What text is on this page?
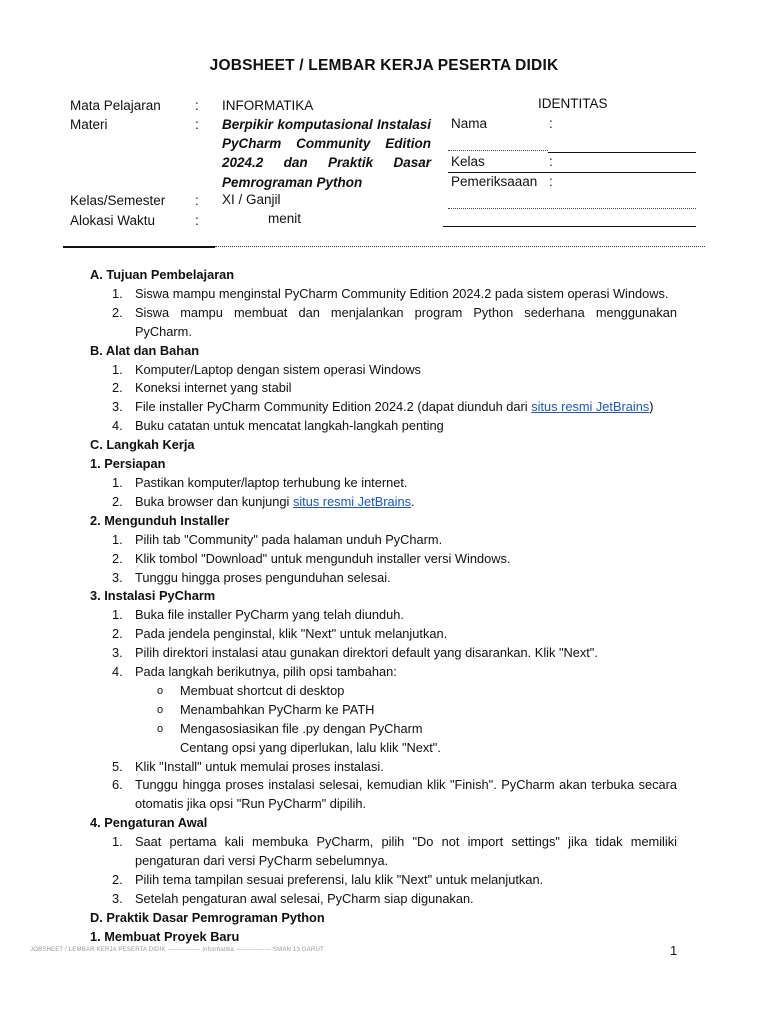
JOBSHEET / LEMBAR KERJA PESERTA DIDIK
Mata Pelajaran	: INFORMATIKA
Materi	: Berpikir komputasional Instalasi PyCharm Community Edition 2024.2 dan Praktik Dasar Pemrograman Python
Kelas/Semester : XI / Ganjil
Alokasi Waktu	:	menit
IDENTITAS
Nama	:
Kelas	:
Pemeriksaaan :
A. Tujuan Pembelajaran
1. Siswa mampu menginstal PyCharm Community Edition 2024.2 pada sistem operasi Windows.
2. Siswa mampu membuat dan menjalankan program Python sederhana menggunakan PyCharm.
B. Alat dan Bahan
1. Komputer/Laptop dengan sistem operasi Windows
2. Koneksi internet yang stabil
3. File installer PyCharm Community Edition 2024.2 (dapat diunduh dari situs resmi JetBrains)
4. Buku catatan untuk mencatat langkah-langkah penting
C. Langkah Kerja
1. Persiapan
1. Pastikan komputer/laptop terhubung ke internet.
2. Buka browser dan kunjungi situs resmi JetBrains.
2. Mengunduh Installer
1. Pilih tab "Community" pada halaman unduh PyCharm.
2. Klik tombol "Download" untuk mengunduh installer versi Windows.
3. Tunggu hingga proses pengunduhan selesai.
3. Instalasi PyCharm
1. Buka file installer PyCharm yang telah diunduh.
2. Pada jendela penginstal, klik "Next" untuk melanjutkan.
3. Pilih direktori instalasi atau gunakan direktori default yang disarankan. Klik "Next".
4. Pada langkah berikutnya, pilih opsi tambahan:
o Membuat shortcut di desktop
o Menambahkan PyCharm ke PATH
o Mengasosiasikan file .py dengan PyCharm
Centang opsi yang diperlukan, lalu klik "Next".
5. Klik "Install" untuk memulai proses instalasi.
6. Tunggu hingga proses instalasi selesai, kemudian klik "Finish". PyCharm akan terbuka secara otomatis jika opsi "Run PyCharm" dipilih.
4. Pengaturan Awal
1. Saat pertama kali membuka PyCharm, pilih "Do not import settings" jika tidak memiliki pengaturan dari versi PyCharm sebelumnya.
2. Pilih tema tampilan sesuai preferensi, lalu klik "Next" untuk melanjutkan.
3. Setelah pengaturan awal selesai, PyCharm siap digunakan.
D. Praktik Dasar Pemrograman Python
1. Membuat Proyek Baru
JOBSHEET / LEMBAR KERJA PESERTA DIDIK --------------- informatika ---------------- SMAN 13 GARUT	1
